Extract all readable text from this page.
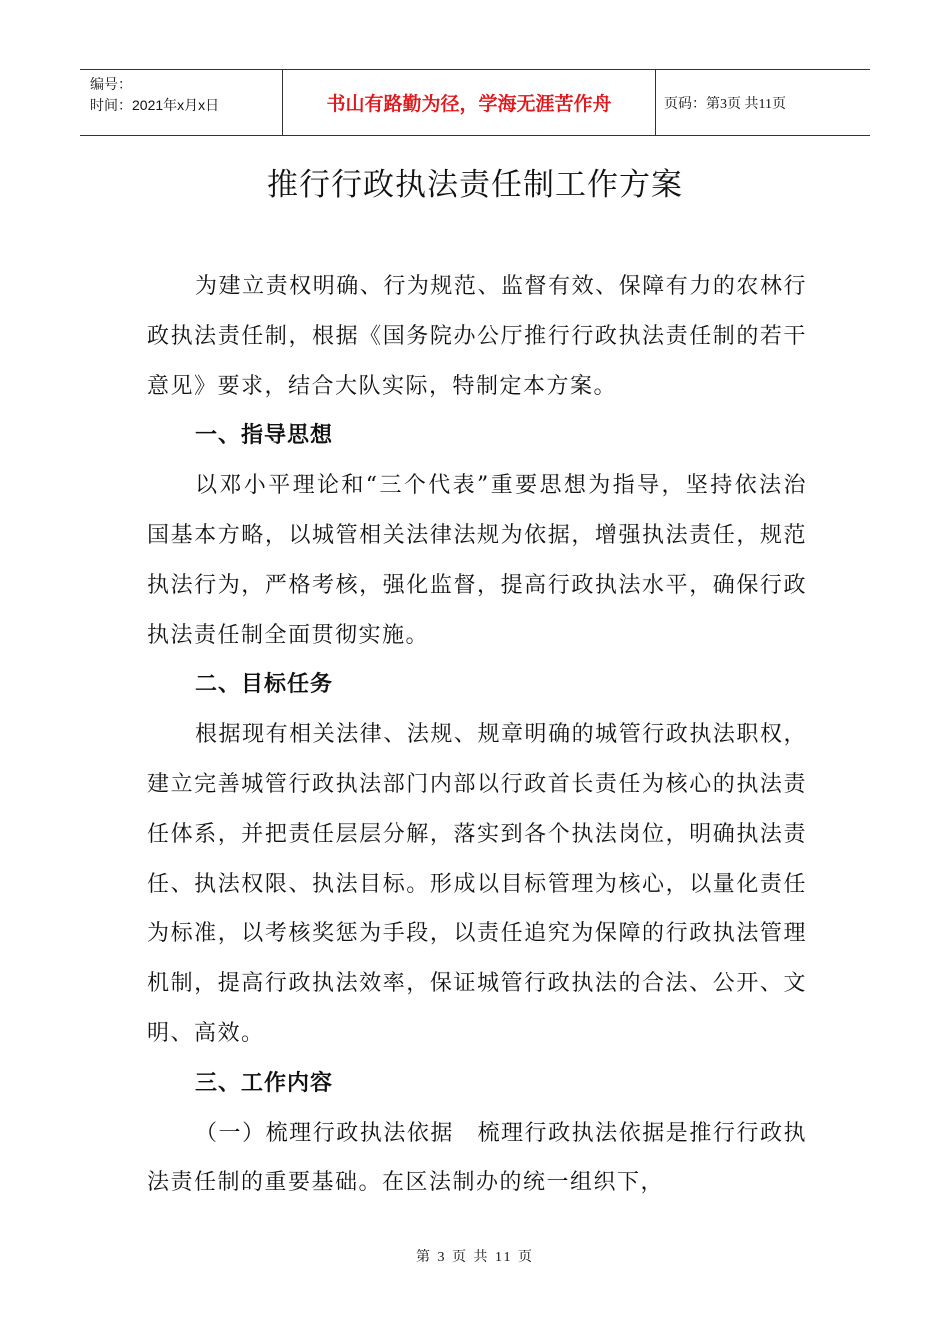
编号：
时间：2021年x月x日	书山有路勤为径，学海无涯苦作舟	页码：第3页 共11页
推行行政执法责任制工作方案

为建立责权明确、行为规范、监督有效、保障有力的农林行政执法责任制，根据《国务院办公厅推行行政执法责任制的若干意见》要求，结合大队实际，特制定本方案。

一、指导思想

以邓小平理论和“三个代表”重要思想为指导，坚持依法治国基本方略，以城管相关法律法规为依据，增强执法责任，规范执法行为，严格考核，强化监督，提高行政执法水平，确保行政执法责任制全面贯彻实施。

二、目标任务

根据现有相关法律、法规、规章明确的城管行政执法职权，建立完善城管行政执法部门内部以行政首长责任为核心的执法责任体系，并把责任层层分解，落实到各个执法岗位，明确执法责任、执法权限、执法目标。形成以目标管理为核心，以量化责任为标准，以考核奖惩为手段，以责任追究为保障的行政执法管理机制，提高行政执法效率，保证城管行政执法的合法、公开、文明、高效。

三、工作内容

（一）梳理行政执法依据　梳理行政执法依据是推行行政执法责任制的重要基础。在区法制办的统一组织下，

第 3 页 共 11 页
